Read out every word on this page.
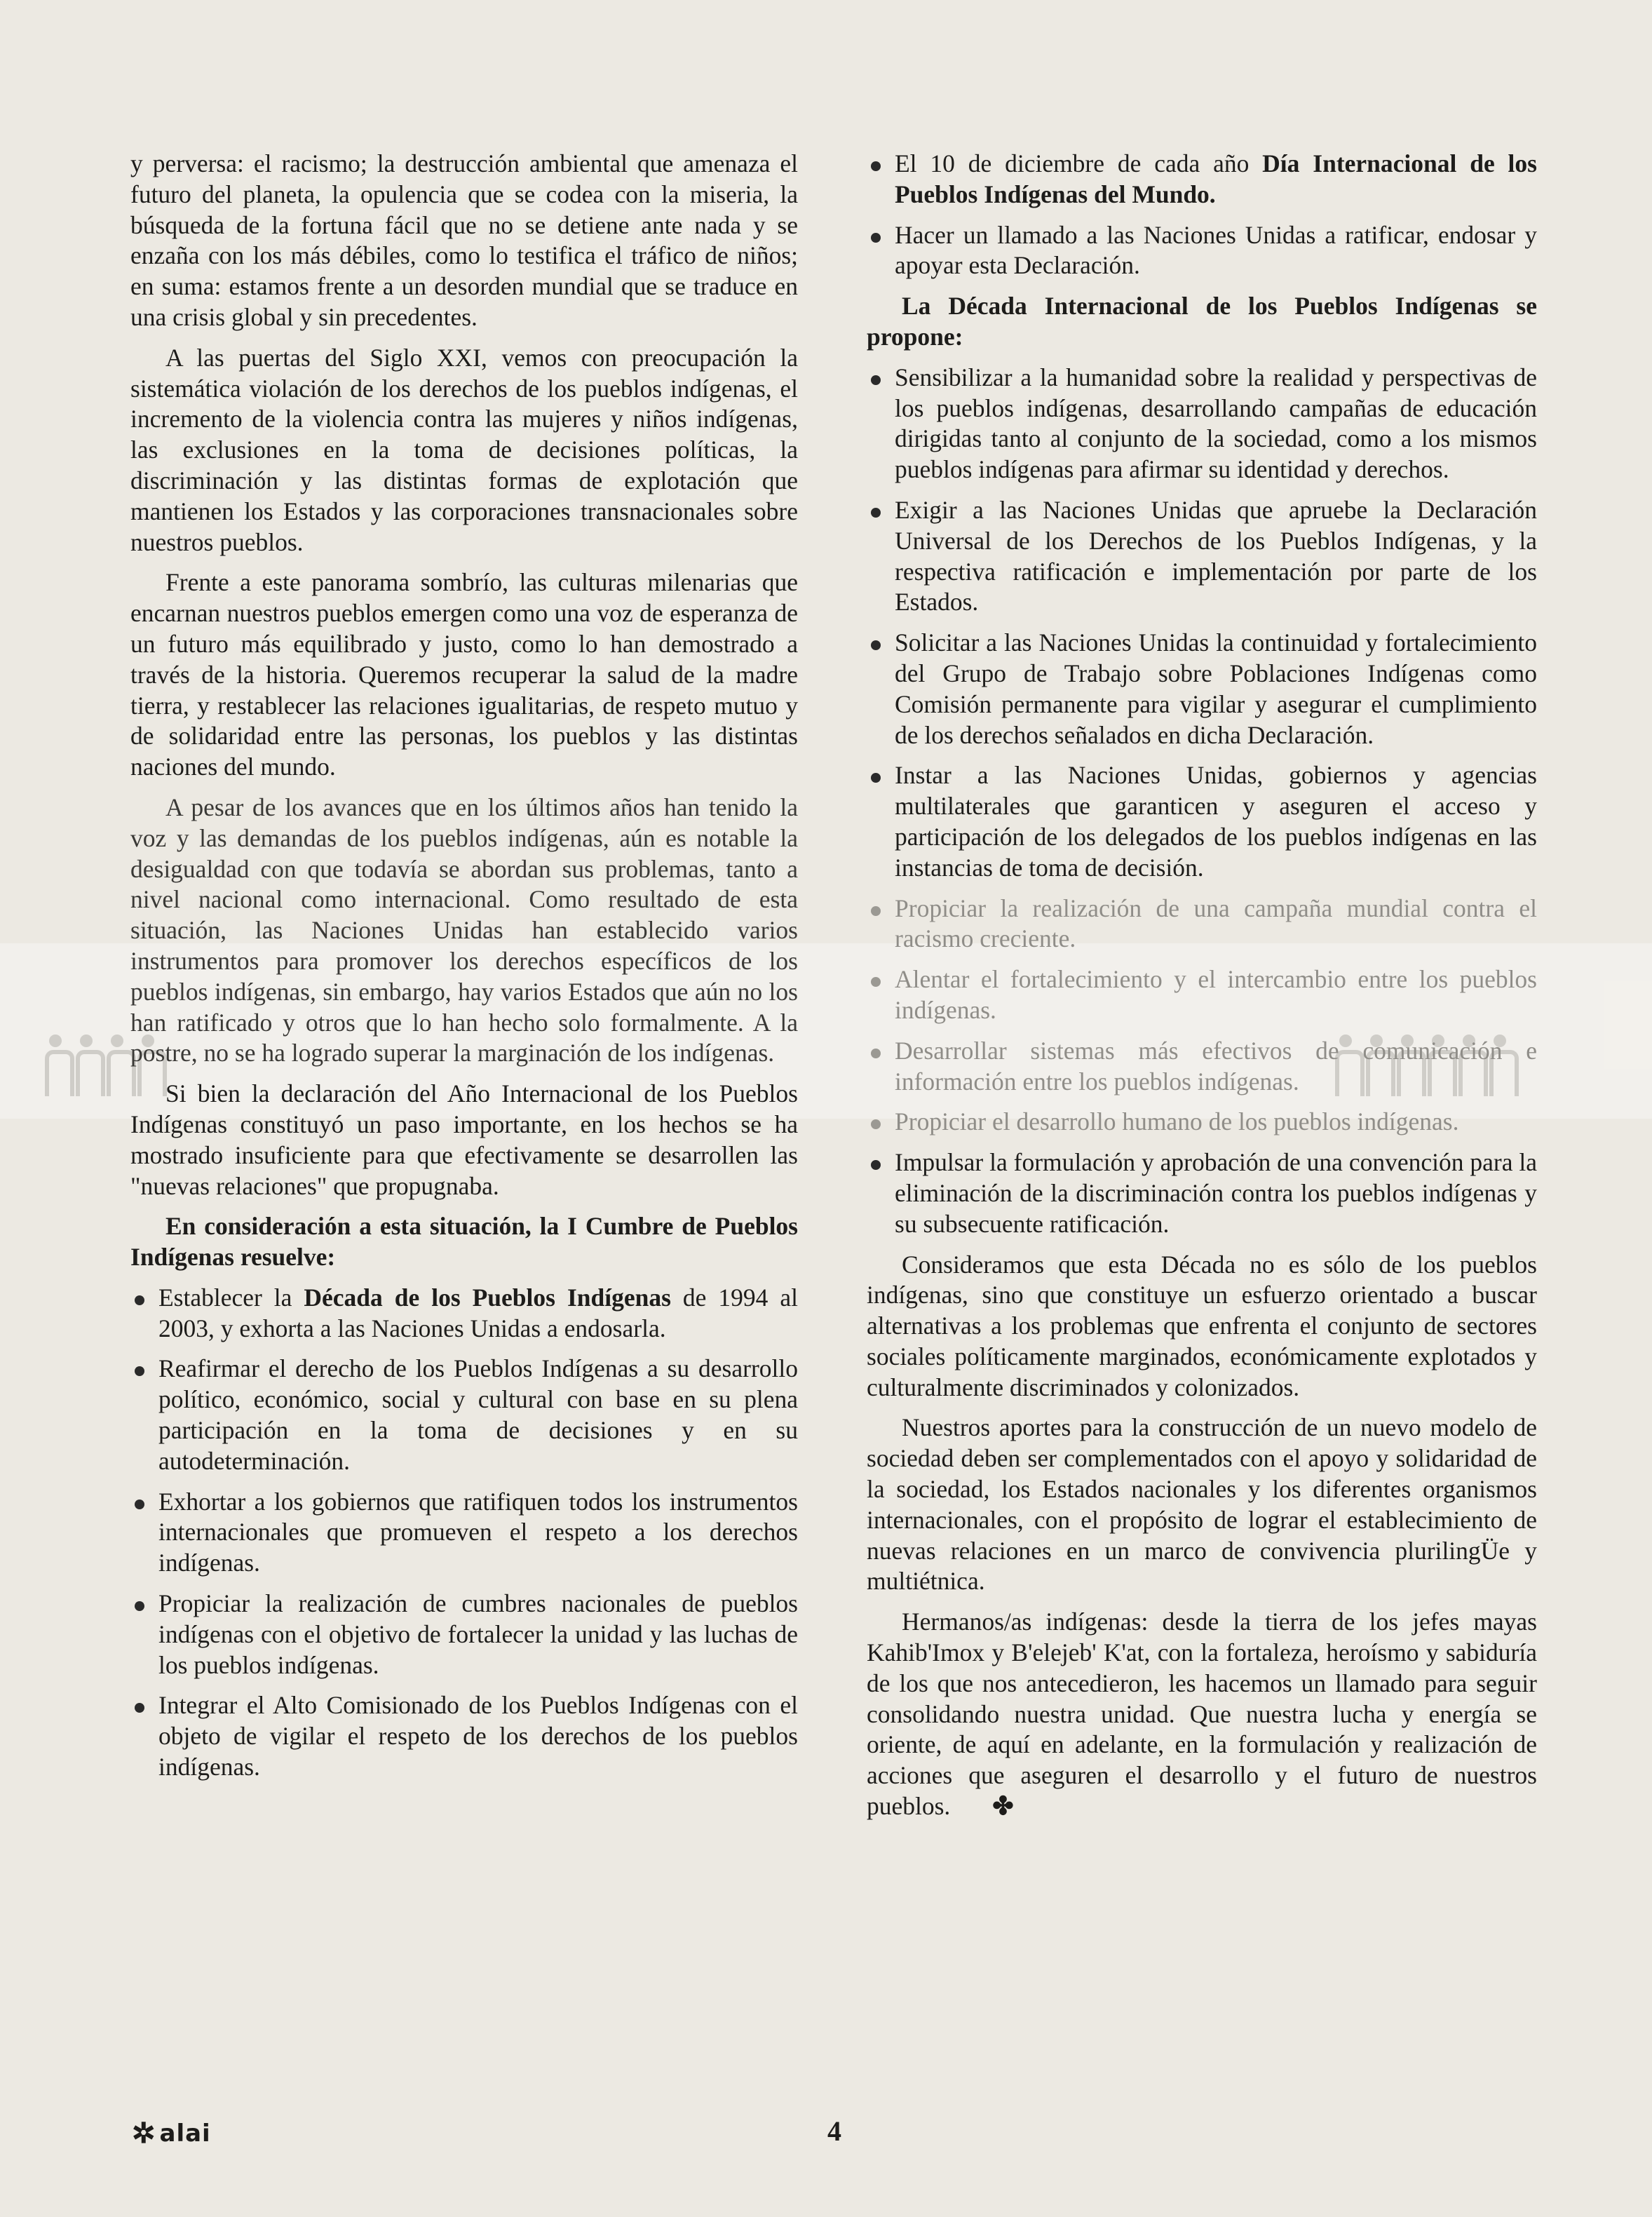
y perversa: el racismo; la destrucción ambiental que amenaza el futuro del planeta, la opulencia que se codea con la miseria, la búsqueda de la fortuna fácil que no se detiene ante nada y se enzaña con los más débiles, como lo testifica el tráfico de niños; en suma: estamos frente a un desorden mundial que se traduce en una crisis global y sin precedentes.

A las puertas del Siglo XXI, vemos con preocupación la sistemática violación de los derechos de los pueblos indígenas, el incremento de la violencia contra las mujeres y niños indígenas, las exclusiones en la toma de decisiones políticas, la discriminación y las distintas formas de explotación que mantienen los Estados y las corporaciones transnacionales sobre nuestros pueblos.

Frente a este panorama sombrío, las culturas milenarias que encarnan nuestros pueblos emergen como una voz de esperanza de un futuro más equilibrado y justo, como lo han demostrado a través de la historia. Queremos recuperar la salud de la madre tierra, y restablecer las relaciones igualitarias, de respeto mutuo y de solidaridad entre las personas, los pueblos y las distintas naciones del mundo.

A pesar de los avances que en los últimos años han tenido la voz y las demandas de los pueblos indígenas, aún es notable la desigualdad con que todavía se abordan sus problemas, tanto a nivel nacional como internacional. Como resultado de esta situación, las Naciones Unidas han establecido varios instrumentos para promover los derechos específicos de los pueblos indígenas, sin embargo, hay varios Estados que aún no los han ratificado y otros que lo han hecho solo formalmente. A la postre, no se ha logrado superar la marginación de los indígenas.

Si bien la declaración del Año Internacional de los Pueblos Indígenas constituyó un paso importante, en los hechos se ha mostrado insuficiente para que efectivamente se desarrollen las "nuevas relaciones" que propugnaba.

En consideración a esta situación, la I Cumbre de Pueblos Indígenas resuelve:

Establecer la Década de los Pueblos Indígenas de 1994 al 2003, y exhorta a las Naciones Unidas a endosarla.

Reafirmar el derecho de los Pueblos Indígenas a su desarrollo político, económico, social y cultural con base en su plena participación en la toma de decisiones y en su autodeterminación.

Exhortar a los gobiernos que ratifiquen todos los instrumentos internacionales que promueven el respeto a los derechos indígenas.

Propiciar la realización de cumbres nacionales de pueblos indígenas con el objetivo de fortalecer la unidad y las luchas de los pueblos indígenas.

Integrar el Alto Comisionado de los Pueblos Indígenas con el objeto de vigilar el respeto de los derechos de los pueblos indígenas.

El 10 de diciembre de cada año Día Internacional de los Pueblos Indígenas del Mundo.

Hacer un llamado a las Naciones Unidas a ratificar, endosar y apoyar esta Declaración.

La Década Internacional de los Pueblos Indígenas se propone:

Sensibilizar a la humanidad sobre la realidad y perspectivas de los pueblos indígenas, desarrollando campañas de educación dirigidas tanto al conjunto de la sociedad, como a los mismos pueblos indígenas para afirmar su identidad y derechos.

Exigir a las Naciones Unidas que apruebe la Declaración Universal de los Derechos de los Pueblos Indígenas, y la respectiva ratificación e implementación por parte de los Estados.

Solicitar a las Naciones Unidas la continuidad y fortalecimiento del Grupo de Trabajo sobre Poblaciones Indígenas como Comisión permanente para vigilar y asegurar el cumplimiento de los derechos señalados en dicha Declaración.

Instar a las Naciones Unidas, gobiernos y agencias multilaterales que garanticen y aseguren el acceso y participación de los delegados de los pueblos indígenas en las instancias de toma de decisión.

Propiciar la realización de una campaña mundial contra el racismo creciente.

Alentar el fortalecimiento y el intercambio entre los pueblos indígenas.

Desarrollar sistemas más efectivos de comunicación e información entre los pueblos indígenas.

Propiciar el desarrollo humano de los pueblos indígenas.

Impulsar la formulación y aprobación de una convención para la eliminación de la discriminación contra los pueblos indígenas y su subsecuente ratificación.

Consideramos que esta Década no es sólo de los pueblos indígenas, sino que constituye un esfuerzo orientado a buscar alternativas a los problemas que enfrenta el conjunto de sectores sociales políticamente marginados, económicamente explotados y culturalmente discriminados y colonizados.

Nuestros aportes para la construcción de un nuevo modelo de sociedad deben ser complementados con el apoyo y solidaridad de la sociedad, los Estados nacionales y los diferentes organismos internacionales, con el propósito de lograr el establecimiento de nuevas relaciones en un marco de convivencia plurilingÜe y multiétnica.

Hermanos/as indígenas: desde la tierra de los jefes mayas Kahib'Imox y B'elejeb' K'at, con la fortaleza, heroísmo y sabiduría de los que nos antecedieron, les hacemos un llamado para seguir consolidando nuestra unidad. Que nuestra lucha y energía se oriente, de aquí en adelante, en la formulación y realización de acciones que aseguren el desarrollo y el futuro de nuestros pueblos. ✤

✲ alai	4
